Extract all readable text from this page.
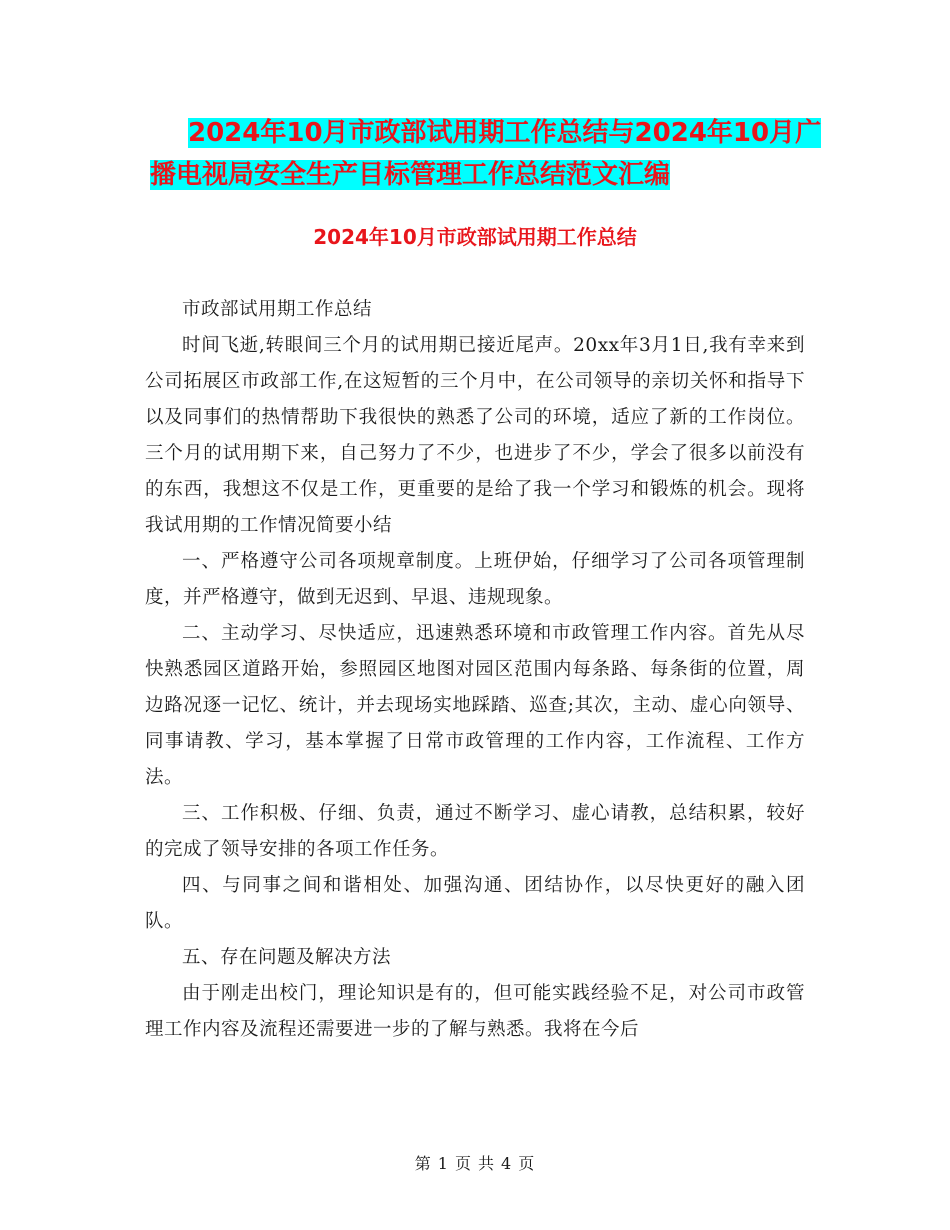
2024年10月市政部试用期工作总结与2024年10月广
播电视局安全生产目标管理工作总结范文汇编
2024年10月市政部试用期工作总结

市政部试用期工作总结

时间飞逝,转眼间三个月的试用期已接近尾声。20xx年3月1日,我有幸来到公司拓展区市政部工作,在这短暂的三个月中，在公司领导的亲切关怀和指导下以及同事们的热情帮助下我很快的熟悉了公司的环境，适应了新的工作岗位。三个月的试用期下来，自己努力了不少，也进步了不少，学会了很多以前没有的东西，我想这不仅是工作，更重要的是给了我一个学习和锻炼的机会。现将我试用期的工作情况简要小结

一、严格遵守公司各项规章制度。上班伊始，仔细学习了公司各项管理制度，并严格遵守，做到无迟到、早退、违规现象。

二、主动学习、尽快适应，迅速熟悉环境和市政管理工作内容。首先从尽快熟悉园区道路开始，参照园区地图对园区范围内每条路、每条街的位置，周边路况逐一记忆、统计，并去现场实地踩踏、巡查;其次，主动、虚心向领导、同事请教、学习，基本掌握了日常市政管理的工作内容，工作流程、工作方法。

三、工作积极、仔细、负责，通过不断学习、虚心请教，总结积累，较好的完成了领导安排的各项工作任务。

四、与同事之间和谐相处、加强沟通、团结协作，以尽快更好的融入团队。

五、存在问题及解决方法

由于刚走出校门，理论知识是有的，但可能实践经验不足，对公司市政管理工作内容及流程还需要进一步的了解与熟悉。我将在今后

第 1 页 共 4 页
